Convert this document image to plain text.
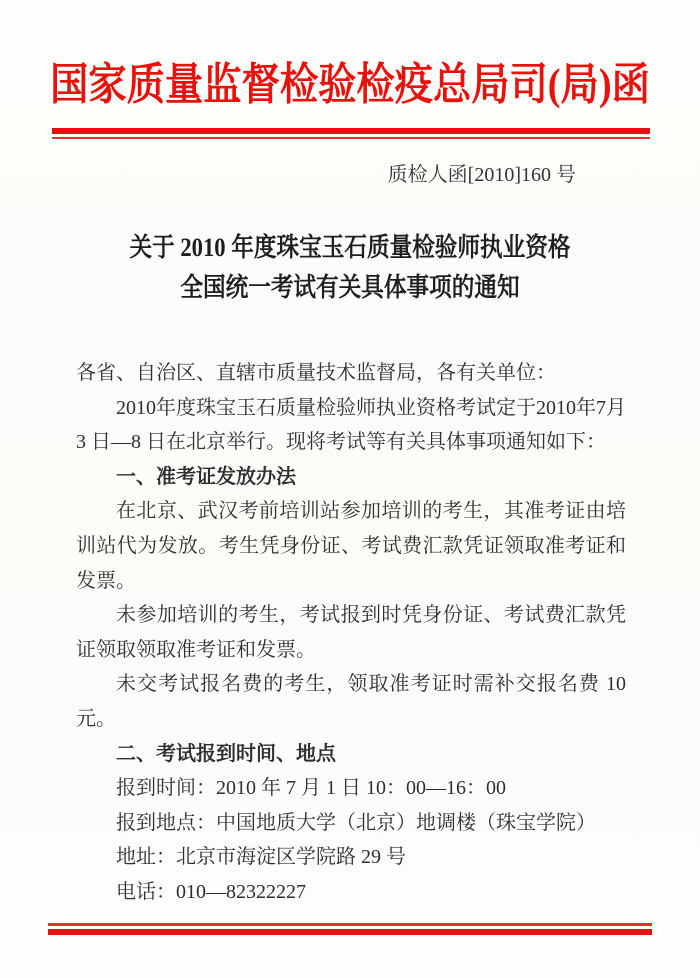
国家质量监督检验检疫总局司(局)函
质检人函[2010]160 号
关于 2010 年度珠宝玉石质量检验师执业资格
全国统一考试有关具体事项的通知

各省、自治区、直辖市质量技术监督局，各有关单位：

2010年度珠宝玉石质量检验师执业资格考试定于2010年7月 3 日—8 日在北京举行。现将考试等有关具体事项通知如下：

一、准考证发放办法

在北京、武汉考前培训站参加培训的考生，其准考证由培训站代为发放。考生凭身份证、考试费汇款凭证领取准考证和发票。

未参加培训的考生，考试报到时凭身份证、考试费汇款凭证领取领取准考证和发票。

未交考试报名费的考生，领取准考证时需补交报名费 10 元。

二、考试报到时间、地点

报到时间：2010 年 7 月 1 日 10：00—16：00

报到地点：中国地质大学（北京）地调楼（珠宝学院）

地址：北京市海淀区学院路 29 号

电话：010—82322227
